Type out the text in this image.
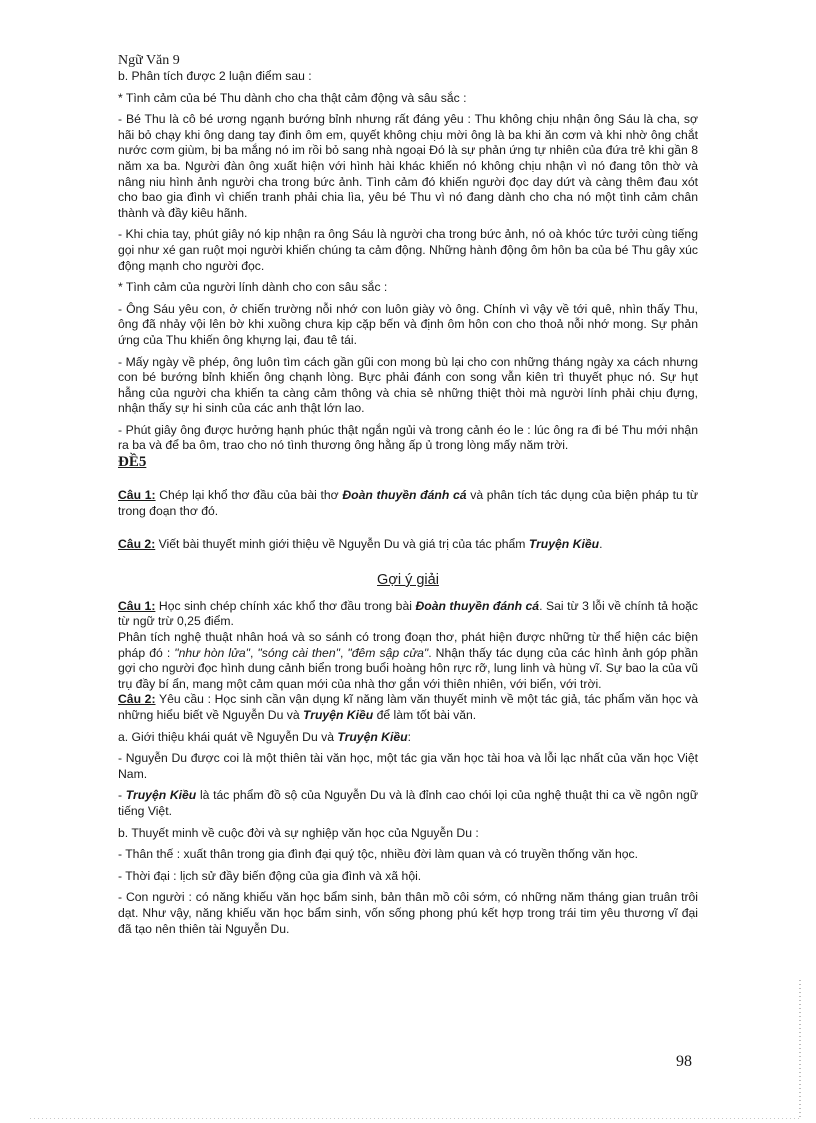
Ngữ Văn 9

b. Phân tích được 2 luận điểm sau :

* Tình cảm của bé Thu dành cho cha thật cảm động và sâu sắc :

- Bé Thu là cô bé ương ngạnh bướng bỉnh nhưng rất đáng yêu : Thu không chịu nhận ông Sáu là cha, sợ hãi bỏ chạy khi ông dang tay đinh ôm em, quyết không chịu mời ông là ba khi ăn cơm và khi nhờ ông chắt nước cơm giùm, bị ba mắng nó im rồi bỏ sang nhà ngoại Đó là sự phản ứng tự nhiên của đứa trẻ khi gần 8 năm xa ba. Người đàn ông xuất hiện với hình hài khác khiến nó không chịu nhận vì nó đang tôn thờ và nâng niu hình ảnh người cha trong bức ảnh. Tình cảm đó khiến người đọc day dứt và càng thêm đau xót cho bao gia đình vì chiến tranh phải chia lìa, yêu bé Thu vì nó đang dành cho cha nó một tình cảm chân thành và đầy kiêu hãnh.

- Khi chia tay, phút giây nó kịp nhận ra ông Sáu là người cha trong bức ảnh, nó oà khóc tức tưởi cùng tiếng gọi như xé gan ruột mọi người khiến chúng ta cảm động. Những hành động ôm hôn ba của bé Thu gây xúc động mạnh cho người đọc.

* Tình cảm của người lính dành cho con sâu sắc :

- Ông Sáu yêu con, ở chiến trường nỗi nhớ con luôn giày vò ông. Chính vì vậy về tới quê, nhìn thấy Thu, ông đã nhảy vội lên bờ khi xuồng chưa kịp cặp bến và định ôm hôn con cho thoả nỗi nhớ mong. Sự phản ứng của Thu khiến ông khựng lại, đau tê tái.

- Mấy ngày về phép, ông luôn tìm cách gần gũi con mong bù lại cho con những tháng ngày xa cách nhưng con bé bướng bỉnh khiến ông chạnh lòng. Bực phải đánh con song vẫn kiên trì thuyết phục nó. Sự hụt hẫng của người cha khiến ta càng cảm thông và chia sẻ những thiệt thòi mà người lính phải chịu đựng, nhận thấy sự hi sinh của các anh thật lớn lao.

- Phút giây ông được hưởng hạnh phúc thật ngắn ngủi và trong cảnh éo le : lúc ông ra đi bé Thu mới nhận ra ba và để ba ôm, trao cho nó tình thương ông hằng ấp ủ trong lòng mấy năm trời.

ĐỀ5

Câu 1: Chép lại khổ thơ đầu của bài thơ Đoàn thuyền đánh cá và phân tích tác dụng của biện pháp tu từ trong đoạn thơ đó.

Câu 2: Viết bài thuyết minh giới thiệu về Nguyễn Du và giá trị của tác phẩm Truyện Kiều.

Gợi ý giải

Câu 1: Học sinh chép chính xác khổ thơ đầu trong bài Đoàn thuyền đánh cá. Sai từ 3 lỗi về chính tả hoặc từ ngữ trừ 0,25 điểm.

Phân tích nghệ thuật nhân hoá và so sánh có trong đoạn thơ, phát hiện được những từ thể hiện các biện pháp đó : "như hòn lửa", "sóng cài then", "đêm sập cửa". Nhận thấy tác dụng của các hình ảnh góp phần gợi cho người đọc hình dung cảnh biển trong buổi hoàng hôn rực rỡ, lung linh và hùng vĩ. Sự bao la của vũ trụ đầy bí ẩn, mang một cảm quan mới của nhà thơ gắn với thiên nhiên, với biển, với trời.

Câu 2: Yêu cầu : Học sinh cần vận dụng kĩ năng làm văn thuyết minh về một tác giả, tác phẩm văn học và những hiểu biết về Nguyễn Du và Truyện Kiều để làm tốt bài văn.

a. Giới thiệu khái quát về Nguyễn Du và Truyện Kiều:

- Nguyễn Du được coi là một thiên tài văn học, một tác gia văn học tài hoa và lỗi lạc nhất của văn học Việt Nam.

- Truyện Kiều là tác phẩm đồ sộ của Nguyễn Du và là đỉnh cao chói lọi của nghệ thuật thi ca về ngôn ngữ tiếng Việt.

b. Thuyết minh về cuộc đời và sự nghiệp văn học của Nguyễn Du :

- Thân thế : xuất thân trong gia đình đại quý tộc, nhiều đời làm quan và có truyền thống văn học.

- Thời đại : lịch sử đầy biến động của gia đình và xã hội.

- Con người : có năng khiếu văn học bẩm sinh, bản thân mồ côi sớm, có những năm tháng gian truân trôi dạt. Như vậy, năng khiếu văn học bẩm sinh, vốn sống phong phú kết hợp trong trái tim yêu thương vĩ đại đã tạo nên thiên tài Nguyễn Du.

98
